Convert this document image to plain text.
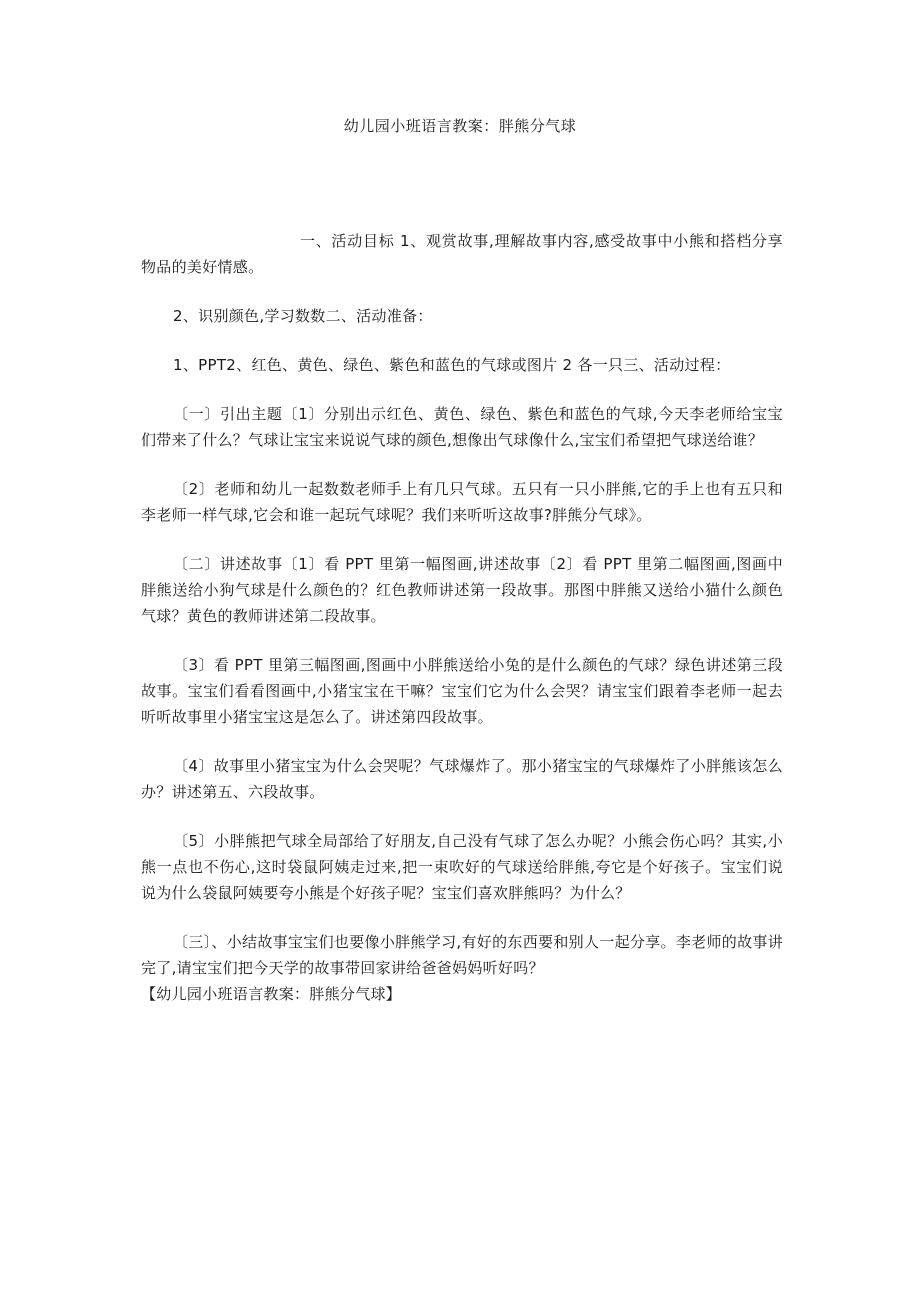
幼儿园小班语言教案：胖熊分气球

一、活动目标 1、观赏故事,理解故事内容,感受故事中小熊和搭档分享物品的美好情感。

2、识别颜色,学习数数二、活动准备：

1、PPT2、红色、黄色、绿色、紫色和蓝色的气球或图片 2 各一只三、活动过程：

〔一〕引出主题〔1〕分别出示红色、黄色、绿色、紫色和蓝色的气球,今天李老师给宝宝们带来了什么？气球让宝宝来说说气球的颜色,想像出气球像什么,宝宝们希望把气球送给谁？

〔2〕老师和幼儿一起数数老师手上有几只气球。五只有一只小胖熊,它的手上也有五只和李老师一样气球,它会和谁一起玩气球呢？我们来听听这故事?胖熊分气球》。

〔二〕讲述故事〔1〕看 PPT 里第一幅图画,讲述故事〔2〕看 PPT 里第二幅图画,图画中胖熊送给小狗气球是什么颜色的？红色教师讲述第一段故事。那图中胖熊又送给小猫什么颜色气球？黄色的教师讲述第二段故事。

〔3〕看 PPT 里第三幅图画,图画中小胖熊送给小兔的是什么颜色的气球？绿色讲述第三段故事。宝宝们看看图画中,小猪宝宝在干嘛？宝宝们它为什么会哭？请宝宝们跟着李老师一起去听听故事里小猪宝宝这是怎么了。讲述第四段故事。

〔4〕故事里小猪宝宝为什么会哭呢？气球爆炸了。那小猪宝宝的气球爆炸了小胖熊该怎么办？讲述第五、六段故事。

〔5〕小胖熊把气球全局部给了好朋友,自己没有气球了怎么办呢？小熊会伤心吗？其实,小熊一点也不伤心,这时袋鼠阿姨走过来,把一束吹好的气球送给胖熊,夸它是个好孩子。宝宝们说说为什么袋鼠阿姨要夸小熊是个好孩子呢？宝宝们喜欢胖熊吗？为什么？

〔三〕、小结故事宝宝们也要像小胖熊学习,有好的东西要和别人一起分享。李老师的故事讲完了,请宝宝们把今天学的故事带回家讲给爸爸妈妈听好吗？

【幼儿园小班语言教案：胖熊分气球】
